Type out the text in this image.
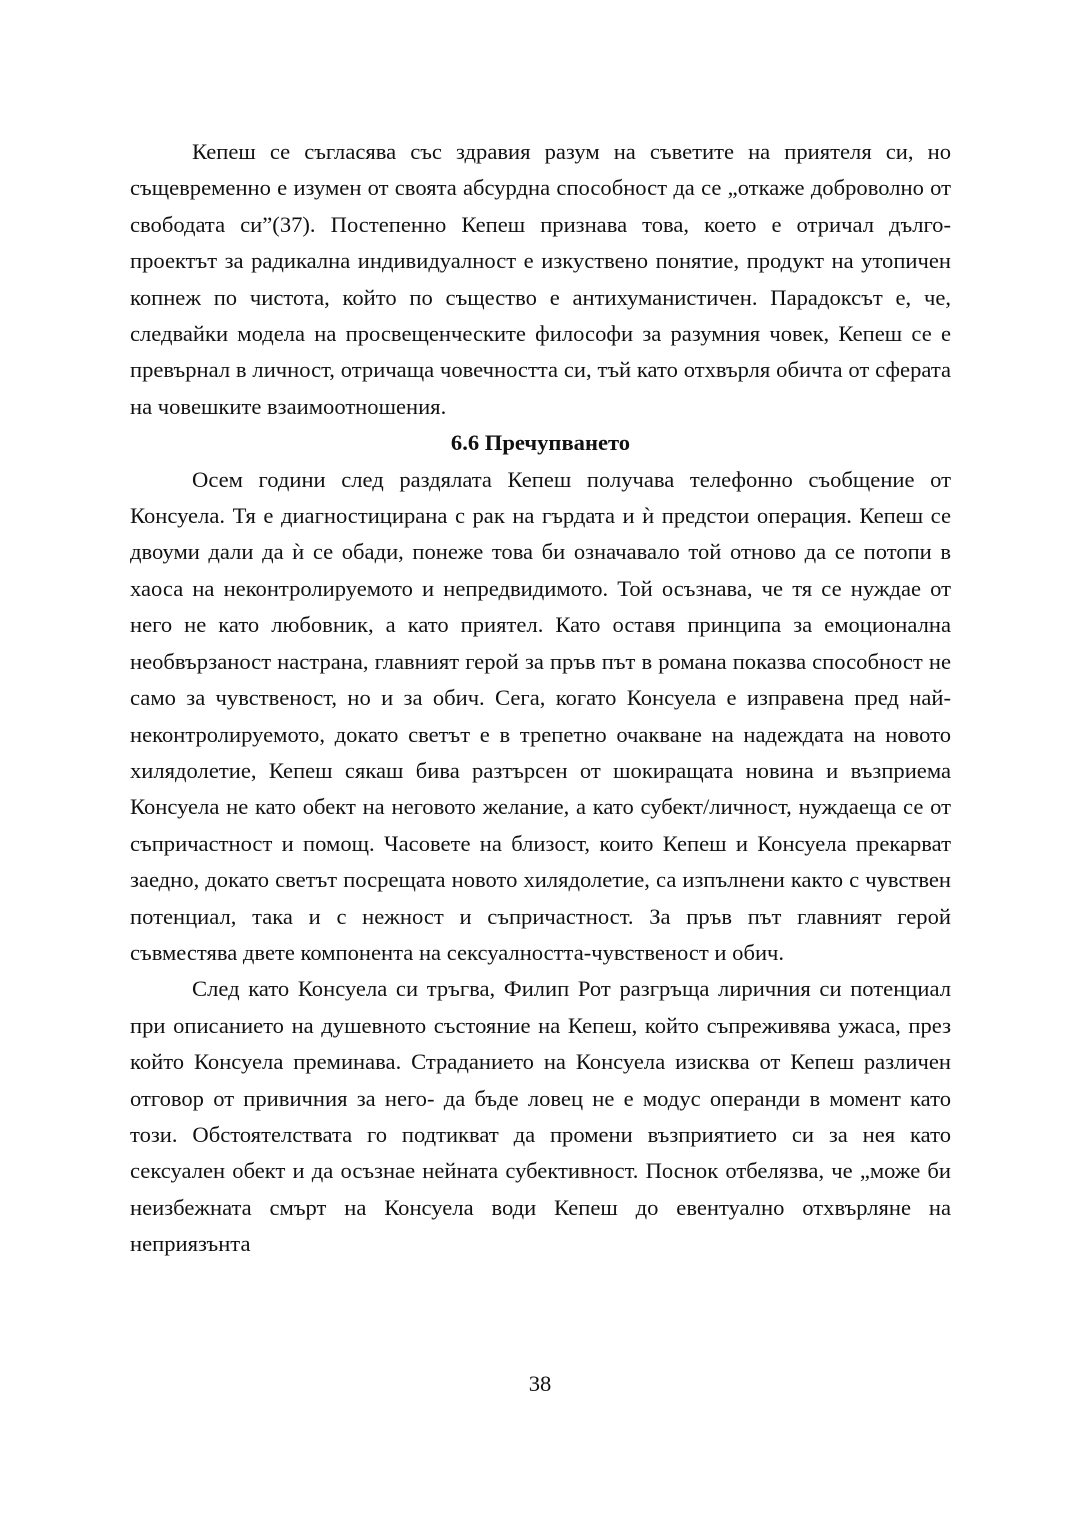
Кепеш се съгласява със здравия разум на съветите на приятеля си, но същевременно е изумен от своята абсурдна способност да се „откаже доброволно от свободата си”(37). Постепенно Кепеш признава това, което е отричал дълго-проектът за радикална индивидуалност е изкуствено понятие, продукт на утопичен копнеж по чистота, който по същество е антихуманистичен. Парадоксът е, че, следвайки модела на просвещенческите философи за разумния човек, Кепеш се е превърнал в личност, отричаща човечността си, тъй като отхвърля обичта от сферата на човешките взаимоотношения.

6.6 Пречупването

Осем години след раздялата Кепеш получава телефонно съобщение от Консуела. Тя е диагностицирана с рак на гърдата и ѝ предстои операция. Кепеш се двоуми дали да ѝ се обади, понеже това би означавало той отново да се потопи в хаоса на неконтролируемото и непредвидимото. Той осъзнава, че тя се нуждае от него не като любовник, а като приятел. Като оставя принципа за емоционална необвързаност настрана, главният герой за пръв път в романа показва способност не само за чувственост, но и за обич. Сега, когато Консуела е изправена пред най-неконтролируемото, докато светът е в трепетно очакване на надеждата на новото хилядолетие, Кепеш сякаш бива разтърсен от шокиращата новина и възприема Консуела не като обект на неговото желание, а като субект/личност, нуждаеща се от съпричастност и помощ. Часовете на близост, които Кепеш и Консуела прекарват заедно, докато светът посрещата новото хилядолетие, са изпълнени както с чувствен потенциал, така и с нежност и съпричастност. За пръв път главният герой съвместява двете компонента на сексуалността-чувственост и обич.

След като Консуела си тръгва, Филип Рот разгръща лиричния си потенциал при описанието на душевното състояние на Кепеш, който съпреживява ужаса, през който Консуела преминава. Страданието на Консуела изисква от Кепеш различен отговор от привичния за него- да бъде ловец не е модус операнди в момент като този. Обстоятелствата го подтикват да промени възприятието си за нея като сексуален обект и да осъзнае нейната субективност. Поснок отбелязва, че „може би неизбежната смърт на Консуела води Кепеш до евентуално отхвърляне на неприязънта

38
